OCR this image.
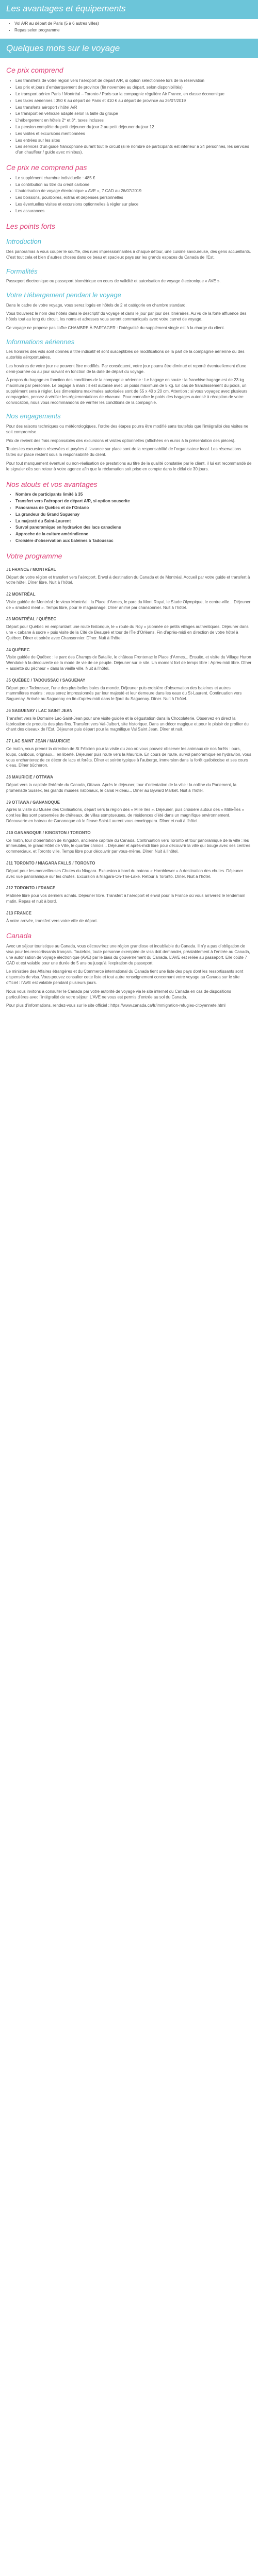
Les avantages et équipements
• Vol A/R au départ de Paris (5 à 6 autres villes)
• Repas selon programme
Quelques mots sur le voyage
Ce prix comprend
• Les transferts de votre région vers l’aéroport de départ A/R, si option sélectionnée lors de la réservation
• Les prix et jours d’embarquement de province (fin novembre au départ, selon disponibilités)
• Le transport aérien Paris / Montréal – Toronto / Paris sur la compagnie régulière Air France, en classe économique
• Les taxes aériennes : 350 € au départ de Paris et 410 € au départ de province au 26/07/2019
• Les transferts aéroport / hôtel A/R
• Le transport en véhicule adapté selon la taille du groupe
• L’hébergement en hôtels 2* et 3*, taxes incluses
• La pension complète du petit déjeuner du jour 2 au petit déjeuner du jour 12
• Les visites et excursions mentionnées
• Les entrées sur les sites
• Les services d’un guide francophone durant tout le circuit (si le nombre de participants est inférieur à 24 personnes, les services d’un chauffeur / guide avec minibus).
Ce prix ne comprend pas
• Le supplément chambre individuelle : 485 €
• La contribution au titre du crédit carbone
• L’autorisation de voyage électronique « AVE », 7 CAD au 26/07/2019
• Les boissons, pourboires, extras et dépenses personnelles
• Les éventuelles visites et excursions optionnelles à régler sur place
• Les assurances
Les points forts
Introduction

Des panoramas à vous couper le souffle, des rues impressionnantes à chaque détour, une cuisine savoureuse, des gens accueillants. C’est tout cela et bien d’autres choses dans ce beau et spacieux pays sur les grands espaces du Canada de l’Est.

Formalités

Passeport électronique ou passeport biométrique en cours de validité et autorisation de voyage électronique « AVE ».

Votre Hébergement pendant le voyage

Dans le cadre de votre voyage, vous serez logés en hôtels de 2 et catégorie en chambre standard.

Vous trouverez le nom des hôtels dans le descriptif du voyage et dans le jour par jour des itinéraires. Au vu de la forte affluence des hôtels tout au long du circuit, les noms et adresses vous seront communiqués avec votre carnet de voyage.

Ce voyage ne propose pas l’offre CHAMBRE À PARTAGER : l’intégralité du supplément single est à la charge du client.

Informations aériennes

Les horaires des vols sont donnés à titre indicatif et sont susceptibles de modifications de la part de la compagnie aérienne ou des autorités aéroportuaires.

Les horaires de votre jour ne peuvent être modifiés. Par conséquent, votre jour pourra être diminué et reporté éventuellement d’une demi-journée ou au jour suivant en fonction de la date de départ du voyage.

À propos du bagage en fonction des conditions de la compagnie aérienne : Le bagage en soute : la franchise bagage est de 23 kg maximum par personne. Le bagage à main : il est autorisé avec un poids maximum de 5 kg. En cas de franchissement du poids, un supplément sera à régler. Les dimensions maximales autorisées sont de 55 x 40 x 20 cm. Attention : si vous voyagez avec plusieurs compagnies, pensez à vérifier les réglementations de chacune. Pour connaître le poids des bagages autorisé à réception de votre convocation, nous vous recommandons de vérifier les conditions de la compagnie.

Nos engagements

Pour des raisons techniques ou météorologiques, l’ordre des étapes pourra être modifié sans toutefois que l’intégralité des visites ne soit compromise.

Prix de revient des frais responsables des excursions et visites optionnelles (affichées en euros à la présentation des pièces).

Toutes les excursions réservées et payées à l’avance sur place sont de la responsabilité de l’organisateur local. Les réservations faites sur place restent sous la responsabilité du client.

Pour tout manquement éventuel ou non-réalisation de prestations au titre de la qualité constatée par le client, il lui est recommandé de le signaler dès son retour à votre agence afin que la réclamation soit prise en compte dans le délai de 30 jours.

Nos atouts et vos avantages
• Nombre de participants limité à 35
• Transfert vers l’aéroport de départ A/R, si option souscrite
• Panoramas de Québec et de l’Ontario
• La grandeur du Grand Saguenay
• La majesté du Saint-Laurent
• Survol panoramique en hydravion des lacs canadiens
• Approche de la culture amérindienne
• Croisière d’observation aux baleines à Tadoussac
Votre programme
J1 FRANCE / MONTRÉAL

Départ de votre région et transfert vers l’aéroport. Envol à destination du Canada et de Montréal. Accueil par votre guide et transfert à votre hôtel. Dîner libre. Nuit à l’hôtel.

J2 MONTRÉAL

Visite guidée de Montréal : le vieux Montréal : la Place d’Armes, le parc du Mont Royal, le Stade Olympique, le centre-ville... Déjeuner de « smoked meat ». Temps libre, pour le magasinage. Dîner animé par chansonnier. Nuit à l’hôtel.

J3 MONTRÉAL / QUÉBEC

Départ pour Québec en empruntant une route historique, le « route du Roy » jalonnée de petits villages authentiques. Déjeuner dans une « cabane à sucre » puis visite de la Cité de Beaupré et tour de l’Île d’Orléans. Fin d’après-midi en direction de votre hôtel à Québec. Dîner et soirée avec Chansonnier. Dîner. Nuit à l’hôtel.

J4 QUÉBEC

Visite guidée de Québec : le parc des Champs de Bataille, le château Frontenac le Place d’Armes... Ensuite, et visite du Village Huron Wendake à la découverte de la mode de vie de ce peuple. Déjeuner sur le site. Un moment fort de temps libre : Après-midi libre. Dîner « assiette du pêcheur » dans la vieille ville. Nuit à l’hôtel.

J5 QUÉBEC / TADOUSSAC / SAGUENAY

Départ pour Tadoussac, l’une des plus belles baies du monde. Déjeuner puis croisière d’observation des baleines et autres mammifères marins : vous serez impressionnés par leur majesté et leur demeure dans les eaux du St-Laurent. Continuation vers Saguenay. Arrivée au Saguenay en fin d’après-midi dans le fjord du Saguenay. Dîner. Nuit à l’hôtel.

J6 SAGUENAY / LAC SAINT JEAN

Transfert vers le Domaine Lac-Saint-Jean pour une visite guidée et la dégustation dans la Chocolaterie. Observez en direct la fabrication de produits des plus fins. Transfert vers Val-Jalbert, site historique. Dans un décor magique et pour le plaisir de profiter du chant des oiseaux de l’Est, Déjeuner puis départ pour la magnifique Val Saint Jean. Dîner et nuit.

J7 LAC SAINT JEAN / MAURICIE

Ce matin, vous prenez la direction de St Félicien pour la visite du zoo où vous pouvez observer les animaux de nos forêts : ours, loups, caribous, orignaux... en liberté. Déjeuner puis route vers la Mauricie. En cours de route, survol panoramique en hydravion, vous vous enchanterez de ce décor de lacs et forêts. Dîner et soirée typique à l’auberge, immersion dans la forêt québécoise et ses cours d’eau. Dîner bûcheron.

J8 MAURICIE / OTTAWA

Départ vers la capitale fédérale du Canada, Ottawa. Après le déjeuner, tour d’orientation de la ville : la colline du Parlement, la promenade Sussex, les grands musées nationaux, le canal Rideau... Dîner au Byward Market. Nuit à l’hôtel.

J9 OTTAWA / GANANOQUE

Après la visite du Musée des Civilisations, départ vers la région des « Mille îles ». Déjeuner, puis croisière autour des « Mille-Îles » dont les îles sont parsemées de châteaux, de villas somptueuses, de résidences d’été dans un magnifique environnement. Découverte en bateau de Gananoque où le fleuve Saint-Laurent vous enveloppera. Dîner et nuit à l’hôtel.

J10 GANANOQUE / KINGSTON / TORONTO

Ce matin, tour d’orientation de Kingston, ancienne capitale du Canada. Continuation vers Toronto et tour panoramique de la ville : les immeubles, le grand Hôtel de Ville, le quartier chinois... Déjeuner et après-midi libre pour découvrir la ville qui bouge avec ses centres commerciaux, et Toronto ville. Temps libre pour découvrir par vous-même. Dîner. Nuit à l’hôtel.

J11 TORONTO / NIAGARA FALLS / TORONTO

Départ pour les merveilleuses Chutes du Niagara. Excursion à bord du bateau « Hornblower » à destination des chutes. Déjeuner avec vue panoramique sur les chutes. Excursion à Niagara-On-The-Lake. Retour à Toronto. Dîner. Nuit à l’hôtel.

J12 TORONTO / FRANCE

Matinée libre pour vos derniers achats. Déjeuner libre. Transfert à l’aéroport et envol pour la France où vous arriverez le lendemain matin. Repas et nuit à bord.

J13 FRANCE

À votre arrivée, transfert vers votre ville de départ.

Canada

Avec un séjour touristique au Canada, vous découvrirez une région grandiose et inoubliable du Canada. Il n’y a pas d’obligation de visa pour les ressortissants français. Toutefois, toute personne exemptée de visa doit demander, préalablement à l’entrée au Canada, une autorisation de voyage électronique (AVE) par le biais du gouvernement du Canada. L’AVE est reliée au passeport. Elle coûte 7 CAD et est valable pour une durée de 5 ans ou jusqu’à l’expiration du passeport.

Le ministère des Affaires étrangères et du Commerce international du Canada tient une liste des pays dont les ressortissants sont dispensés de visa. Vous pouvez consulter cette liste et tout autre renseignement concernant votre voyage au Canada sur le site officiel : l’AVE est valable pendant plusieurs jours.

Nous vous invitons à consulter le Canada par votre autorité de voyage via le site internet du Canada en cas de dispositions particulières avec l’intégralité de votre séjour. L’AVE ne vous est permis d’entrée au sol du Canada.

Pour plus d’informations, rendez-vous sur le site officiel : https://www.canada.ca/fr/immigration-refugies-citoyennete.html
